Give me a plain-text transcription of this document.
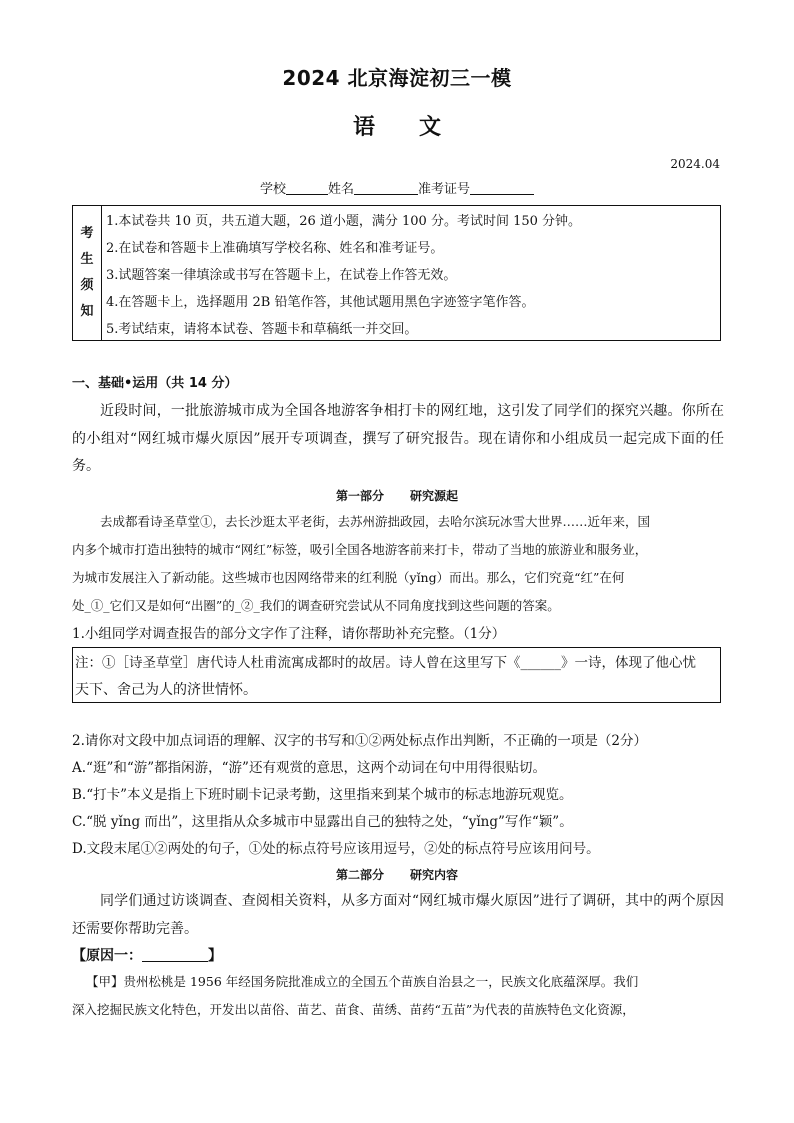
2024 北京海淀初三一模
语 文
2024.04
学校	姓名	准考证号
考
生
须
知
1.本试卷共 10 页，共五道大题，26 道小题，满分 100 分。考试时间 150 分钟。
2.在试卷和答题卡上准确填写学校名称、姓名和准考证号。
3.试题答案一律填涂或书写在答题卡上，在试卷上作答无效。
4.在答题卡上，选择题用 2B 铅笔作答，其他试题用黑色字迹签字笔作答。
5.考试结束，请将本试卷、答题卡和草稿纸一并交回。
一、基础•运用（共 14 分）
近段时间，一批旅游城市成为全国各地游客争相打卡的网红地，这引发了同学们的探究兴趣。你所在的小组对“网红城市爆火原因”展开专项调查，撰写了研究报告。现在请你和小组成员一起完成下面的任务。
第一部分 研究源起
去成都看诗圣草堂①，去长沙逛太平老街，去苏州游拙政园，去哈尔滨玩冰雪大世界……近年来，国
内多个城市打造出独特的城市“网红”标签，吸引全国各地游客前来打卡，带动了当地的旅游业和服务业，
为城市发展注入了新动能。这些城市也因网络带来的红利脱（yǐng）而出。那么，它们究竟“红”在何
处_①_它们又是如何“出圈”的_②_我们的调查研究尝试从不同角度找到这些问题的答案。
1.小组同学对调查报告的部分文字作了注释，请你帮助补充完整。（1分）
注：①［诗圣草堂］唐代诗人杜甫流寓成都时的故居。诗人曾在这里写下《______》一诗，体现了他心忧
天下、舍己为人的济世情怀。
2.请你对文段中加点词语的理解、汉字的书写和①②两处标点作出判断，不正确的一项是（2分）
A.“逛”和“游”都指闲游，“游”还有观赏的意思，这两个动词在句中用得很贴切。
B.“打卡”本义是指上下班时刷卡记录考勤，这里指来到某个城市的标志地游玩观览。
C.“脱 yǐng 而出”，这里指从众多城市中显露出自己的独特之处，“yǐng”写作“颖”。
D.文段末尾①②两处的句子，①处的标点符号应该用逗号，②处的标点符号应该用问号。
第二部分 研究内容
同学们通过访谈调查、查阅相关资料，从多方面对“网红城市爆火原因”进行了调研，其中的两个原因还需要你帮助完善。
【原因一：	】
【甲】贵州松桃是 1956 年经国务院批准成立的全国五个苗族自治县之一，民族文化底蕴深厚。我们
深入挖掘民族文化特色，开发出以苗俗、苗艺、苗食、苗绣、苗药“五苗”为代表的苗族特色文化资源，
